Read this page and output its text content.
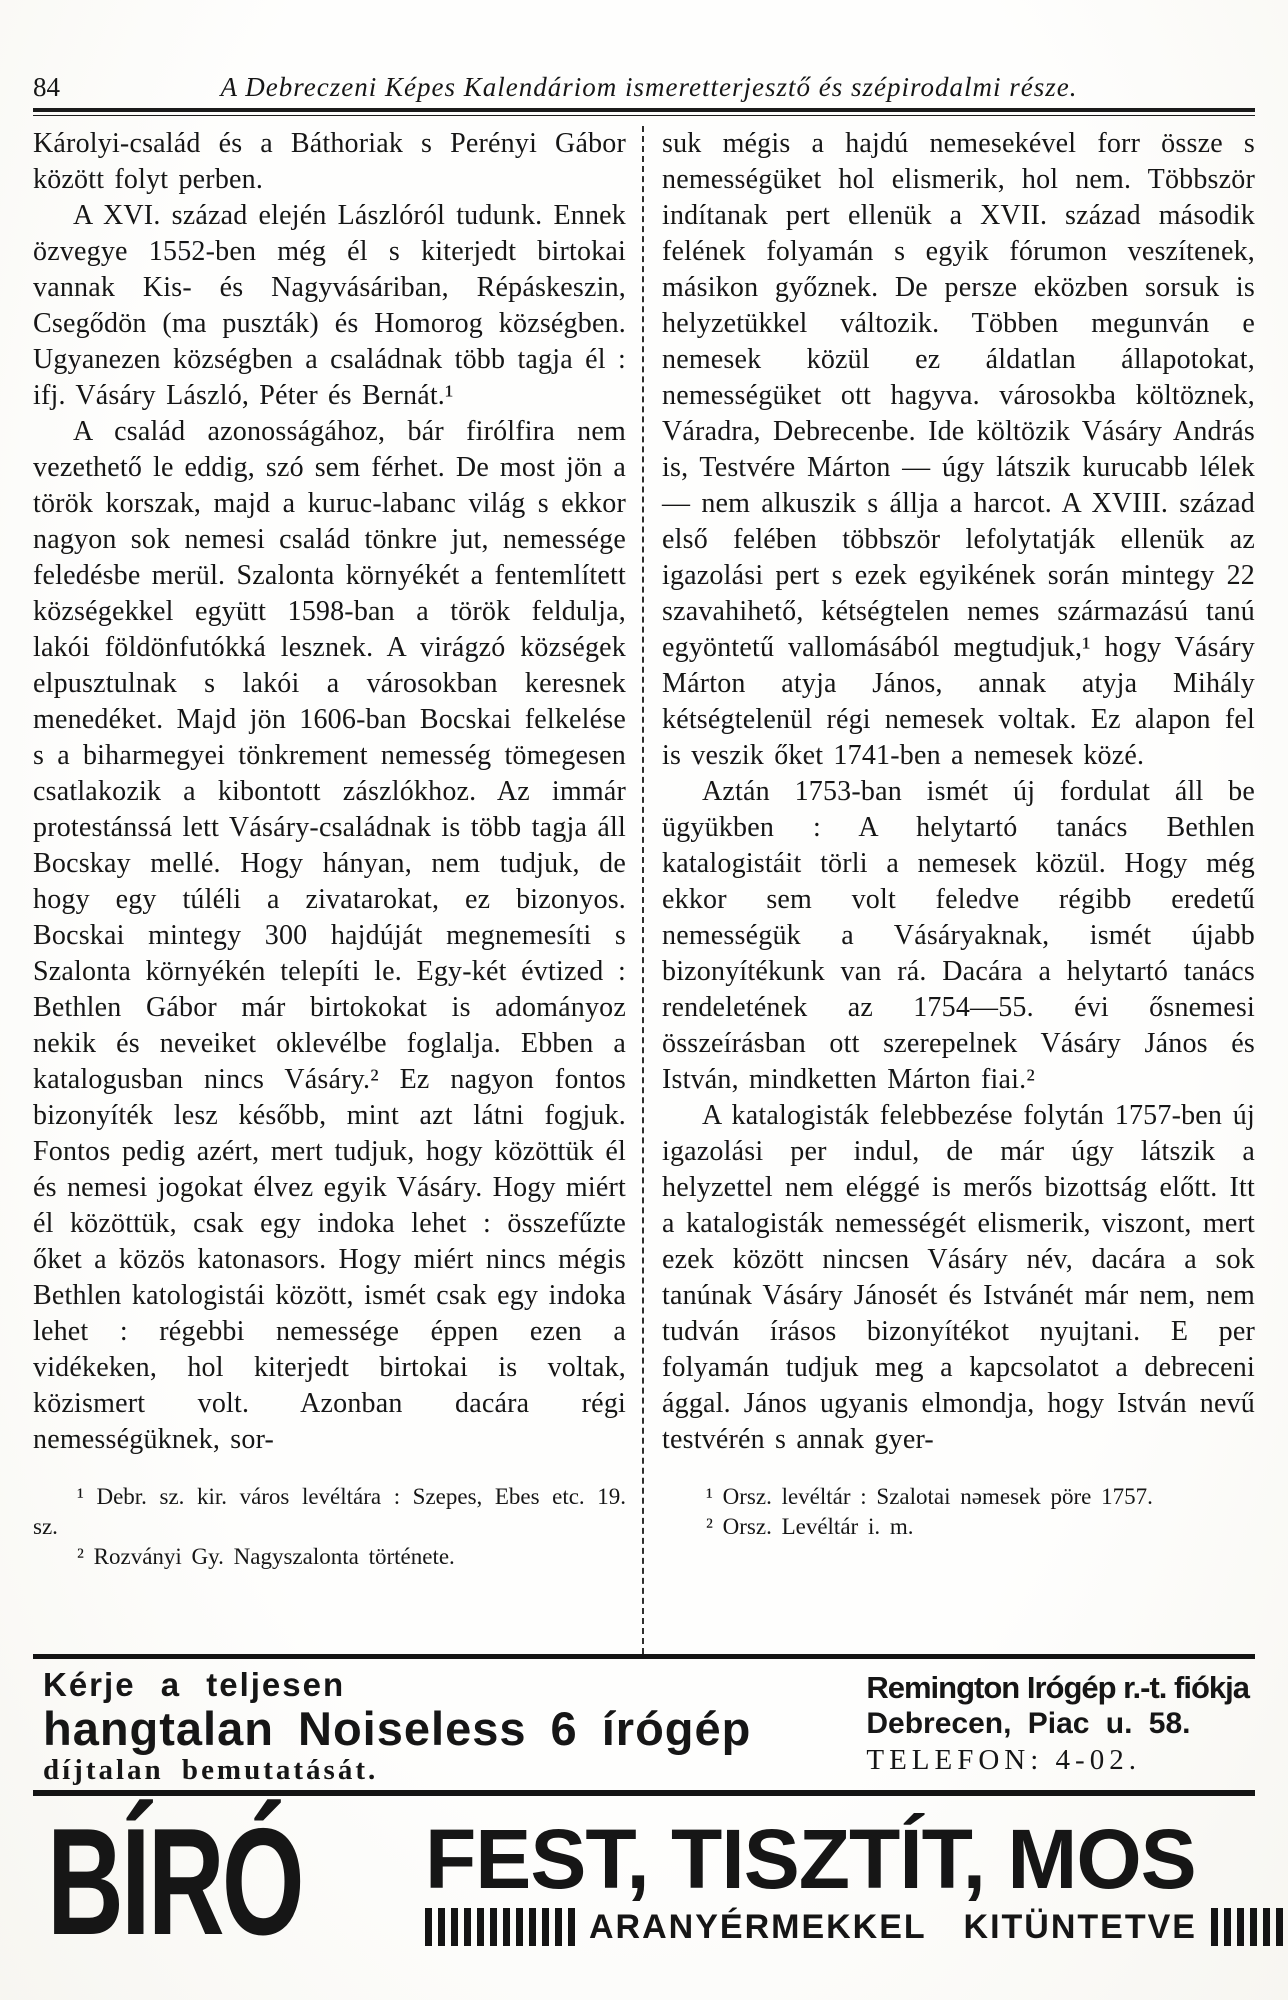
84	A Debreczeni Képes Kalendáriom ismeretterjesztő és szépirodalmi része.

Károlyi-család és a Báthoriak s Perényi Gábor között folyt perben.

A XVI. század elején Lászlóról tudunk. Ennek özvegye 1552-ben még él s kiterjedt birtokai vannak Kis- és Nagyvásáriban, Répáskeszin, Csegődön (ma puszták) és Homorog községben. Ugyanezen községben a családnak több tagja él : ifj. Vásáry László, Péter és Bernát.¹

A család azonosságához, bár firólfira nem vezethető le eddig, szó sem férhet. De most jön a török korszak, majd a kuruc-labanc világ s ekkor nagyon sok nemesi család tönkre jut, nemessége feledésbe merül. Szalonta környékét a fentemlített községekkel együtt 1598-ban a török feldulja, lakói földönfutókká lesznek. A virágzó községek elpusztulnak s lakói a városokban keresnek menedéket. Majd jön 1606-ban Bocskai felkelése s a biharmegyei tönkrement nemesség tömegesen csatlakozik a kibontott zászlókhoz. Az immár protestánssá lett Vásáry-családnak is több tagja áll Bocskay mellé. Hogy hányan, nem tudjuk, de hogy egy túléli a zivatarokat, ez bizonyos. Bocskai mintegy 300 hajdúját megnemesíti s Szalonta környékén telepíti le. Egy-két évtized : Bethlen Gábor már birtokokat is adományoz nekik és neveiket oklevélbe foglalja. Ebben a katalogusban nincs Vásáry.² Ez nagyon fontos bizonyíték lesz később, mint azt látni fogjuk. Fontos pedig azért, mert tudjuk, hogy közöttük él és nemesi jogokat élvez egyik Vásáry. Hogy miért él közöttük, csak egy indoka lehet : összefűzte őket a közös katonasors. Hogy miért nincs mégis Bethlen katologistái között, ismét csak egy indoka lehet : régebbi nemessége éppen ezen a vidékeken, hol kiterjedt birtokai is voltak, közismert volt. Azonban dacára régi nemességüknek, sor-

¹ Debr. sz. kir. város levéltára : Szepes, Ebes etc. 19. sz.

² Rozványi Gy. Nagyszalonta története.

suk mégis a hajdú nemesekével forr össze s nemességüket hol elismerik, hol nem. Többször indítanak pert ellenük a XVII. század második felének folyamán s egyik fórumon veszítenek, másikon győznek. De persze eközben sorsuk is helyzetükkel változik. Többen megunván e nemesek közül ez áldatlan állapotokat, nemességüket ott hagyva. városokba költöznek, Váradra, Debrecenbe. Ide költözik Vásáry András is, Testvére Márton — úgy látszik kurucabb lélek — nem alkuszik s állja a harcot. A XVIII. század első felében többször lefolytatják ellenük az igazolási pert s ezek egyikének során mintegy 22 szavahihető, kétségtelen nemes származású tanú egyöntetű vallomásából megtudjuk,¹ hogy Vásáry Márton atyja János, annak atyja Mihály kétségtelenül régi nemesek voltak. Ez alapon fel is veszik őket 1741-ben a nemesek közé.

Aztán 1753-ban ismét új fordulat áll be ügyükben : A helytartó tanács Bethlen katalogistáit törli a nemesek közül. Hogy még ekkor sem volt feledve régibb eredetű nemességük a Vásáryaknak, ismét újabb bizonyítékunk van rá. Dacára a helytartó tanács rendeletének az 1754—55. évi ősnemesi összeírásban ott szerepelnek Vásáry János és István, mindketten Márton fiai.²

A katalogisták felebbezése folytán 1757-ben új igazolási per indul, de már úgy látszik a helyzettel nem eléggé is merős bizottság előtt. Itt a katalogisták nemességét elismerik, viszont, mert ezek között nincsen Vásáry név, dacára a sok tanúnak Vásáry Jánosét és Istvánét már nem, nem tudván írásos bizonyítékot nyujtani. E per folyamán tudjuk meg a kapcsolatot a debreceni ággal. János ugyanis elmondja, hogy István nevű testvérén s annak gyer-

¹ Orsz. levéltár : Szalotai nəmesek pöre 1757.

² Orsz. Levéltár i. m.

Kérje a teljesen
hangtalan Noiseless 6 írógép
díjtalan bemutatását.
Remington Irógép r.-t. fiókja
Debrecen, Piac u. 58.
TELEFON: 4-02.
BÍRÓ FEST, TISZTÍT, MOS
ARANYÉRMEKKEL KITÜNTETVE
